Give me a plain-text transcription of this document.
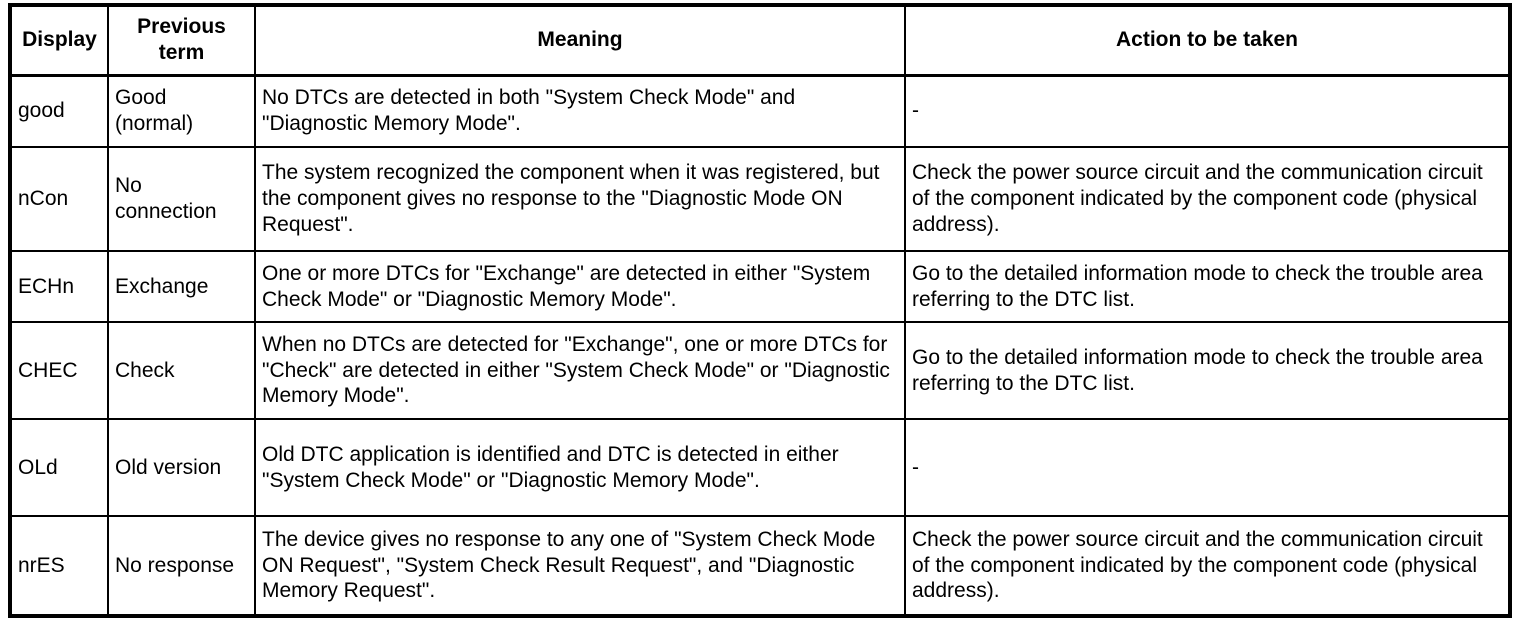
Display	Previous term	Meaning	Action to be taken
good	Good (normal)	No DTCs are detected in both "System Check Mode" and "Diagnostic Memory Mode".	-
nCon	No connection	The system recognized the component when it was registered, but the component gives no response to the "Diagnostic Mode ON Request".	Check the power source circuit and the communication circuit of the component indicated by the component code (physical address).
ECHn	Exchange	One or more DTCs for "Exchange" are detected in either "System Check Mode" or "Diagnostic Memory Mode".	Go to the detailed information mode to check the trouble area referring to the DTC list.
CHEC	Check	When no DTCs are detected for "Exchange", one or more DTCs for "Check" are detected in either "System Check Mode" or "Diagnostic Memory Mode".	Go to the detailed information mode to check the trouble area referring to the DTC list.
OLd	Old version	Old DTC application is identified and DTC is detected in either "System Check Mode" or "Diagnostic Memory Mode".	-
nrES	No response	The device gives no response to any one of "System Check Mode ON Request", "System Check Result Request", and "Diagnostic Memory Request".	Check the power source circuit and the communication circuit of the component indicated by the component code (physical address).
